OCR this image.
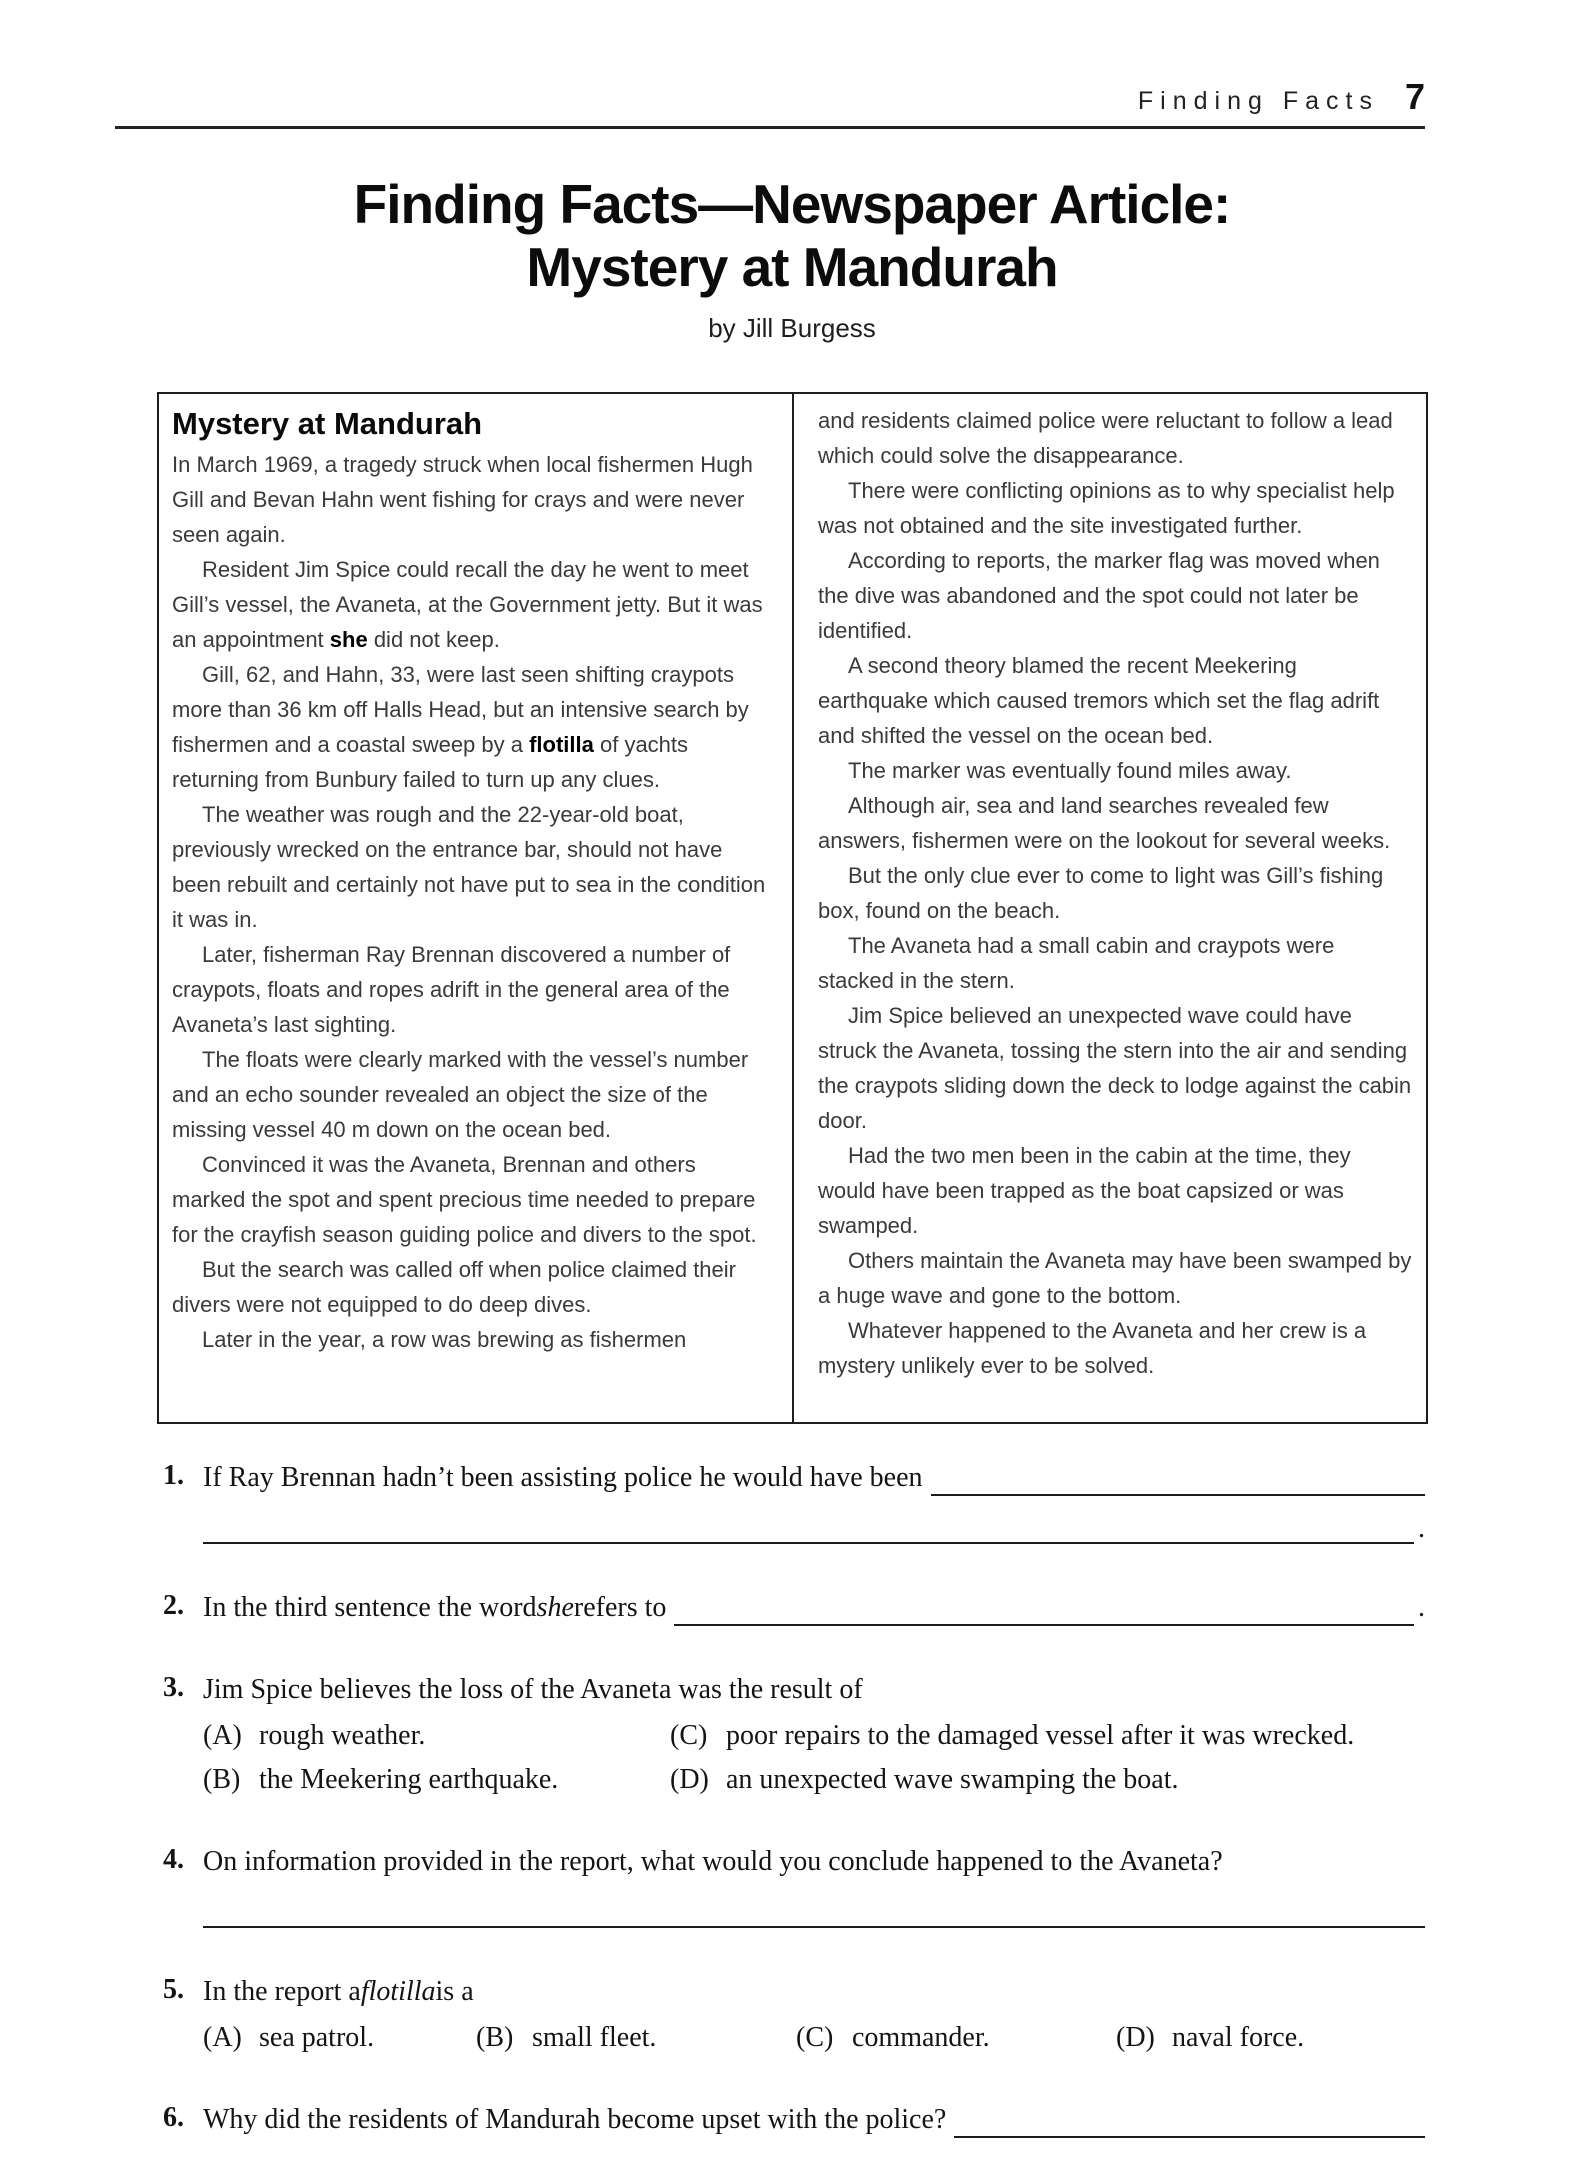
Finding Facts 7
Finding Facts—Newspaper Article:
Mystery at Mandurah
by Jill Burgess
Mystery at Mandurah

In March 1969, a tragedy struck when local fishermen Hugh Gill and Bevan Hahn went fishing for crays and were never seen again.

Resident Jim Spice could recall the day he went to meet Gill’s vessel, the Avaneta, at the Government jetty. But it was an appointment she did not keep.

Gill, 62, and Hahn, 33, were last seen shifting craypots more than 36 km off Halls Head, but an intensive search by fishermen and a coastal sweep by a flotilla of yachts returning from Bunbury failed to turn up any clues.

The weather was rough and the 22-year-old boat, previously wrecked on the entrance bar, should not have been rebuilt and certainly not have put to sea in the condition it was in.

Later, fisherman Ray Brennan discovered a number of craypots, floats and ropes adrift in the general area of the Avaneta’s last sighting.

The floats were clearly marked with the vessel’s number and an echo sounder revealed an object the size of the missing vessel 40 m down on the ocean bed.

Convinced it was the Avaneta, Brennan and others marked the spot and spent precious time needed to prepare for the crayfish season guiding police and divers to the spot.

But the search was called off when police claimed their divers were not equipped to do deep dives.

Later in the year, a row was brewing as fishermen

and residents claimed police were reluctant to follow a lead which could solve the disappearance.

There were conflicting opinions as to why specialist help was not obtained and the site investigated further.

According to reports, the marker flag was moved when the dive was abandoned and the spot could not later be identified.

A second theory blamed the recent Meekering earthquake which caused tremors which set the flag adrift and shifted the vessel on the ocean bed.

The marker was eventually found miles away.

Although air, sea and land searches revealed few answers, fishermen were on the lookout for several weeks.

But the only clue ever to come to light was Gill’s fishing box, found on the beach.

The Avaneta had a small cabin and craypots were stacked in the stern.

Jim Spice believed an unexpected wave could have struck the Avaneta, tossing the stern into the air and sending the craypots sliding down the deck to lodge against the cabin door.

Had the two men been in the cabin at the time, they would have been trapped as the boat capsized or was swamped.

Others maintain the Avaneta may have been swamped by a huge wave and gone to the bottom.

Whatever happened to the Avaneta and her crew is a mystery unlikely ever to be solved.

1. If Ray Brennan hadn’t been assisting police he would have been
.
2. In the third sentence the word she refers to	.
3. Jim Spice believes the loss of the Avaneta was the result of
(A) rough weather.	(C) poor repairs to the damaged vessel after it was wrecked.
(B) the Meekering earthquake.	(D) an unexpected wave swamping the boat.
4. On information provided in the report, what would you conclude happened to the Avaneta?
5. In the report a flotilla is a
(A) sea patrol.	(B) small fleet.	(C) commander.	(D) naval force.
6. Why did the residents of Mandurah become upset with the police?
